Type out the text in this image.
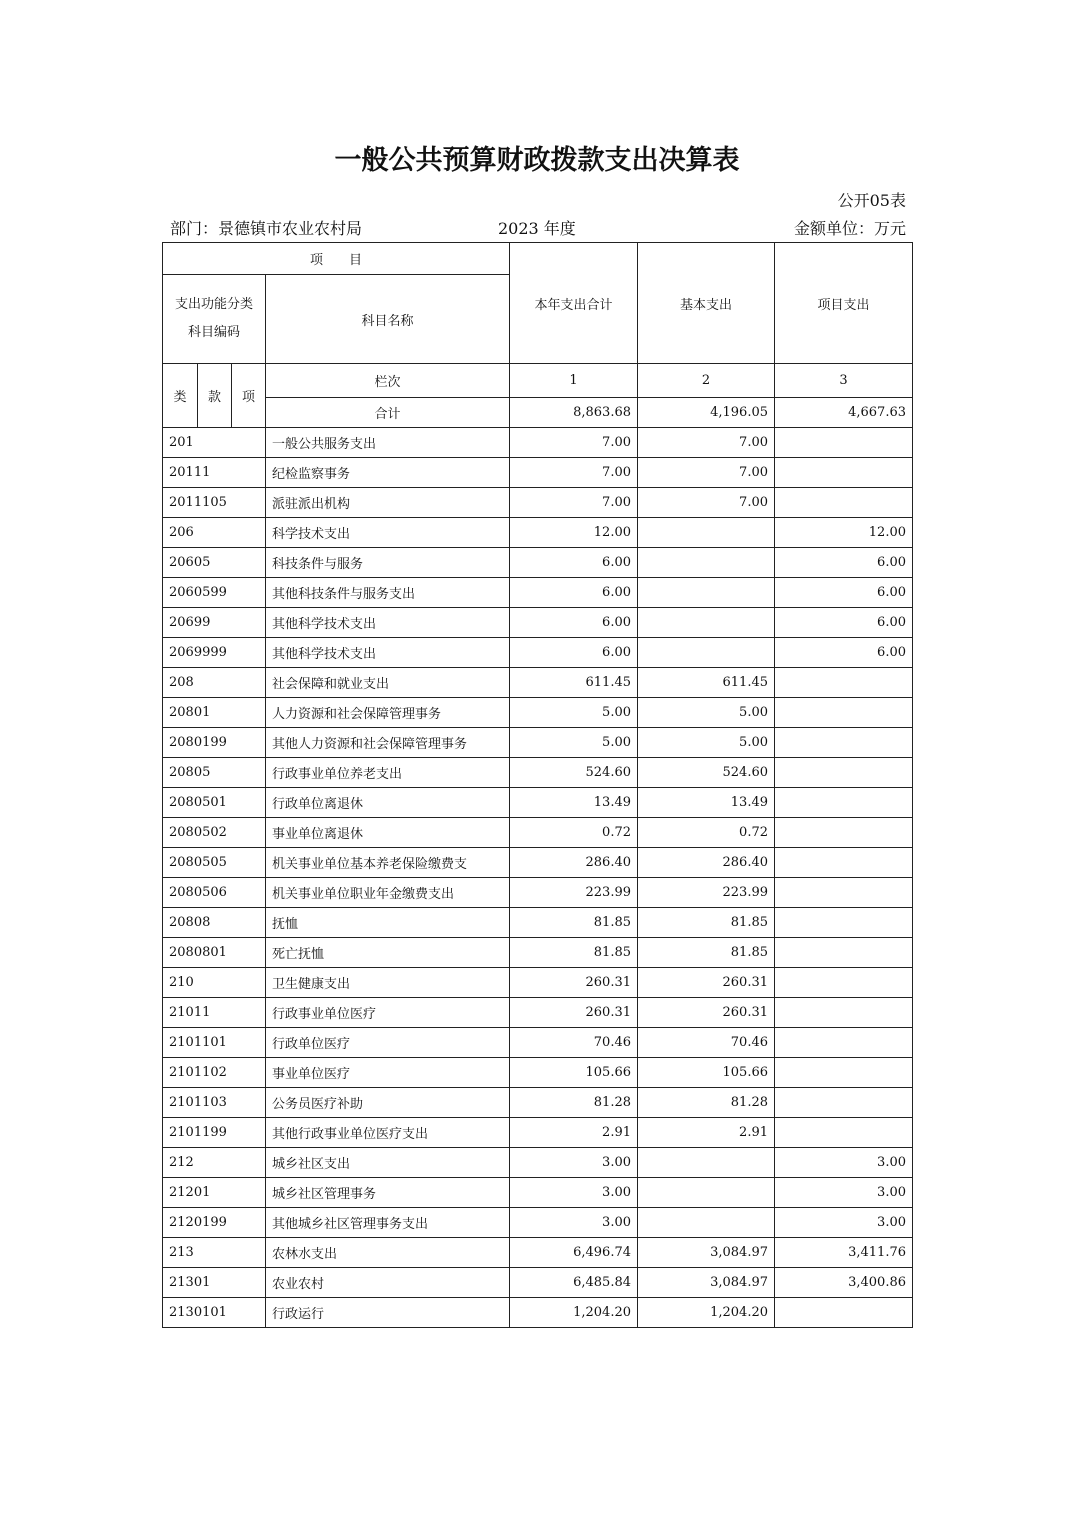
一般公共预算财政拨款支出决算表
公开05表
部门：景德镇市农业农村局	2023 年度	金额单位：万元
项　　目				本年支出合计	基本支出	项目支出
支出功能分类科目编码			科目名称			
类	款	项	栏次	1	2	3
			合计	8,863.68	4,196.05	4,667.63
201			一般公共服务支出	7.00	7.00	
20111			纪检监察事务	7.00	7.00	
2011105			派驻派出机构	7.00	7.00	
206			科学技术支出	12.00		12.00
20605			科技条件与服务	6.00		6.00
2060599			其他科技条件与服务支出	6.00		6.00
20699			其他科学技术支出	6.00		6.00
2069999			其他科学技术支出	6.00		6.00
208			社会保障和就业支出	611.45	611.45	
20801			人力资源和社会保障管理事务	5.00	5.00	
2080199			其他人力资源和社会保障管理事务	5.00	5.00	
20805			行政事业单位养老支出	524.60	524.60	
2080501			行政单位离退休	13.49	13.49	
2080502			事业单位离退休	0.72	0.72	
2080505			机关事业单位基本养老保险缴费支	286.40	286.40	
2080506			机关事业单位职业年金缴费支出	223.99	223.99	
20808			抚恤	81.85	81.85	
2080801			死亡抚恤	81.85	81.85	
210			卫生健康支出	260.31	260.31	
21011			行政事业单位医疗	260.31	260.31	
2101101			行政单位医疗	70.46	70.46	
2101102			事业单位医疗	105.66	105.66	
2101103			公务员医疗补助	81.28	81.28	
2101199			其他行政事业单位医疗支出	2.91	2.91	
212			城乡社区支出	3.00		3.00
21201			城乡社区管理事务	3.00		3.00
2120199			其他城乡社区管理事务支出	3.00		3.00
213			农林水支出	6,496.74	3,084.97	3,411.76
21301			农业农村	6,485.84	3,084.97	3,400.86
2130101			行政运行	1,204.20	1,204.20	
